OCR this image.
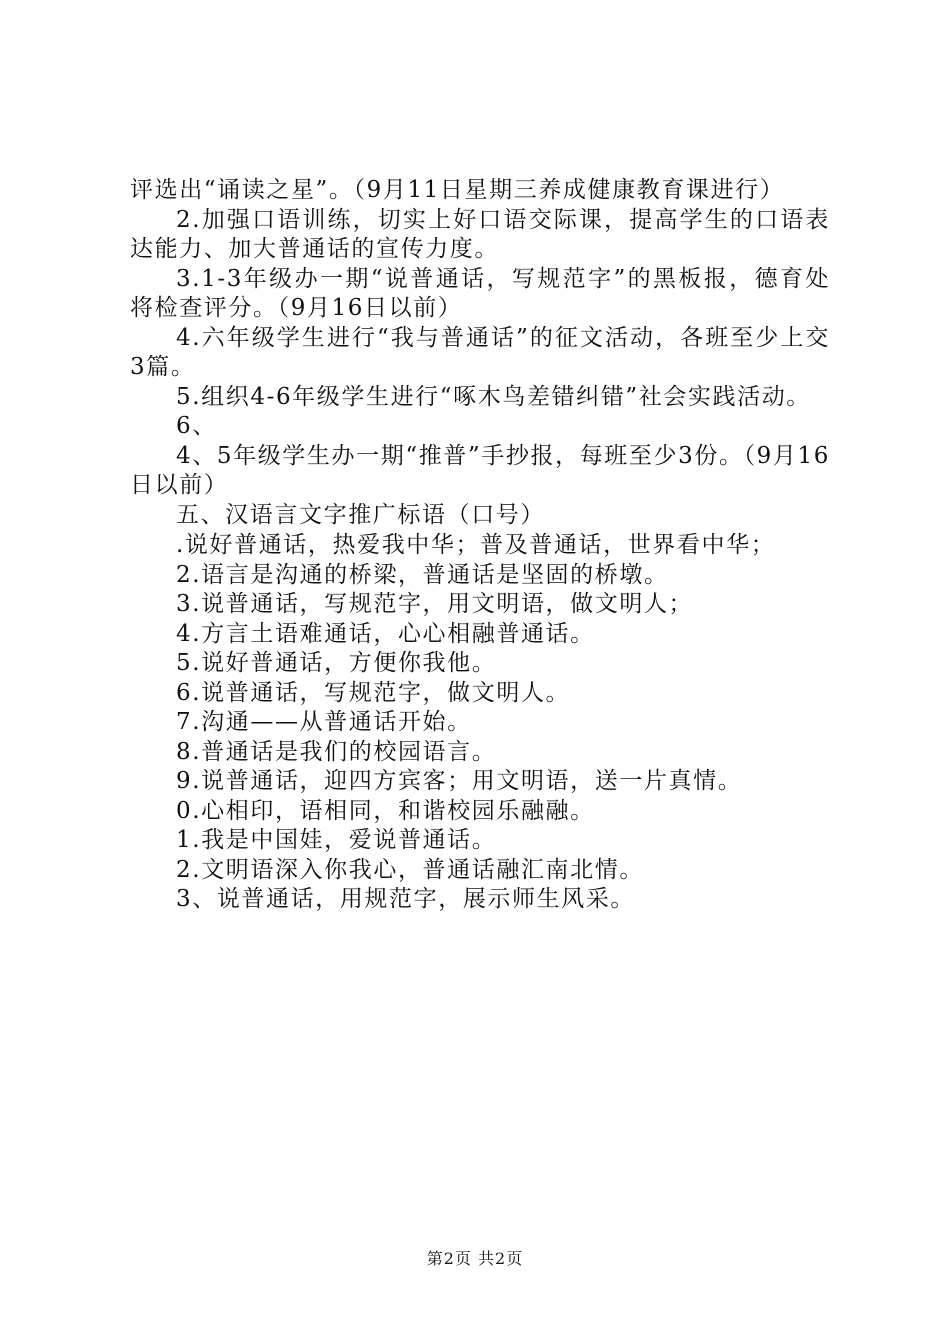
评选出“诵读之星”。（9月11日星期三养成健康教育课进行）

2.加强口语训练，切实上好口语交际课，提高学生的口语表达能力、加大普通话的宣传力度。

3.1-3年级办一期“说普通话，写规范字”的黑板报，德育处将检查评分。（9月16日以前）

4.六年级学生进行“我与普通话”的征文活动，各班至少上交3篇。

5.组织4-6年级学生进行“啄木鸟差错纠错”社会实践活动。

6、

4、5年级学生办一期“推普”手抄报，每班至少3份。（9月16日以前）

五、汉语言文字推广标语（口号）

.说好普通话，热爱我中华；普及普通话，世界看中华；

2.语言是沟通的桥梁，普通话是坚固的桥墩。

3.说普通话，写规范字，用文明语，做文明人；

4.方言土语难通话，心心相融普通话。

5.说好普通话，方便你我他。

6.说普通话，写规范字，做文明人。

7.沟通——从普通话开始。

8.普通话是我们的校园语言。

9.说普通话，迎四方宾客；用文明语，送一片真情。

0.心相印，语相同，和谐校园乐融融。

1.我是中国娃，爱说普通话。

2.文明语深入你我心，普通话融汇南北情。

3、说普通话，用规范字，展示师生风采。

第2页 共2页
